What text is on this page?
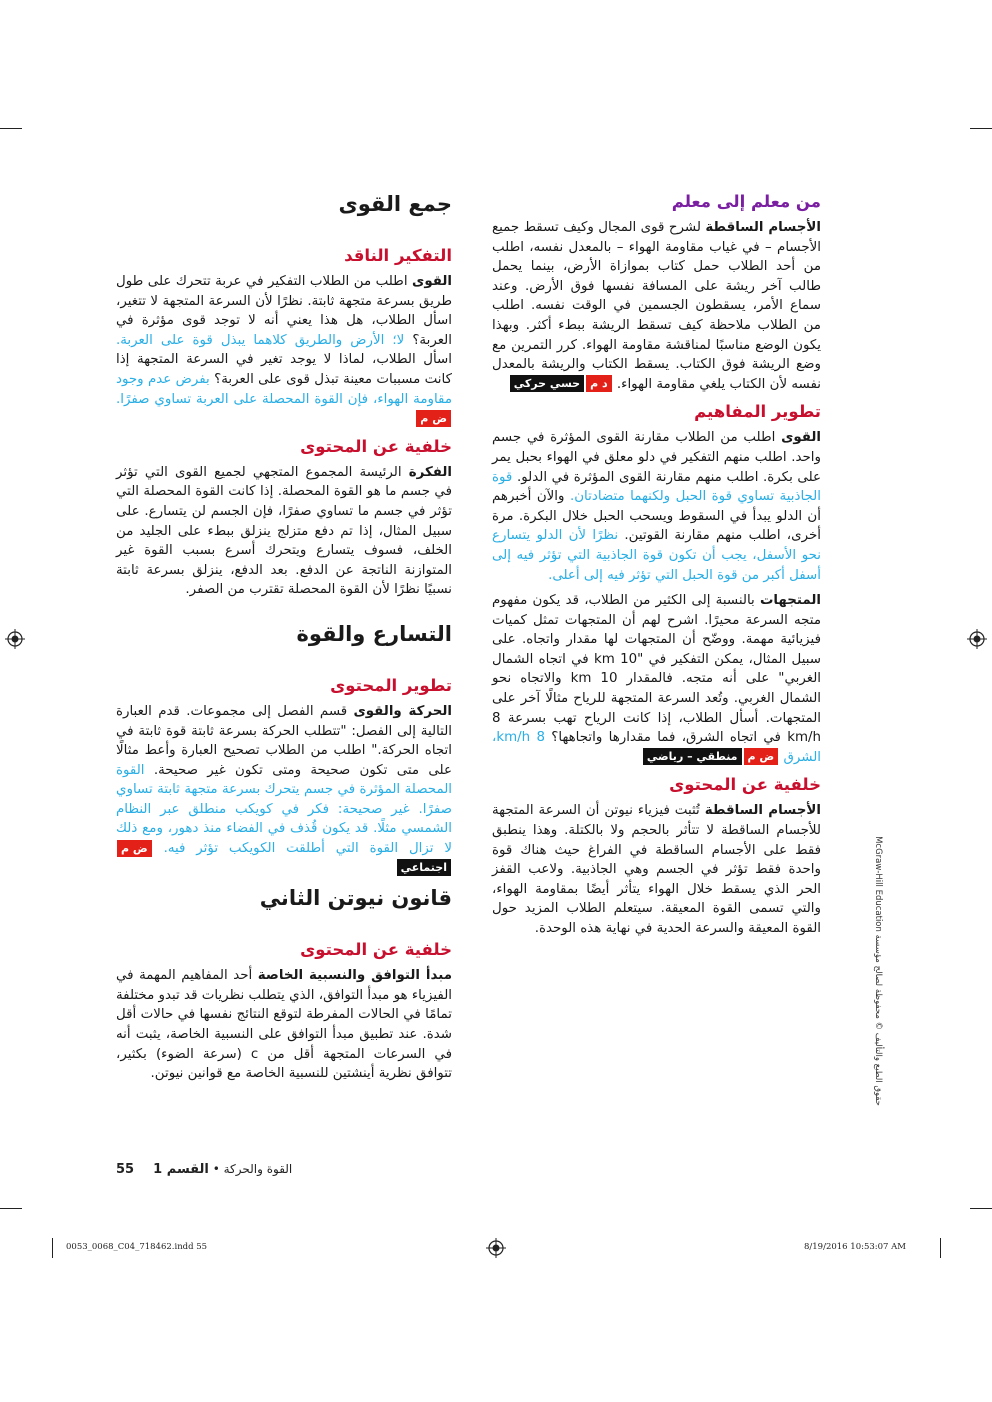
من معلم إلى معلم

الأجسام الساقطة لشرح قوى المجال وكيف تسقط جميع الأجسام – في غياب مقاومة الهواء – بالمعدل نفسه، اطلب من أحد الطلاب حمل كتاب بموازاة الأرض، بينما يحمل طالب آخر ريشة على المسافة نفسها فوق الأرض. وعند سماع الأمر، يسقطون الجسمين في الوقت نفسه. اطلب من الطلاب ملاحظة كيف تسقط الريشة ببطء أكثر. وبهذا يكون الوضع مناسبًا لمناقشة مقاومة الهواء. كرر التمرين مع وضع الريشة فوق الكتاب. يسقط الكتاب والريشة بالمعدل نفسه لأن الكتاب يلغي مقاومة الهواء. د محسي حركي

تطوير المفاهيم

القوى اطلب من الطلاب مقارنة القوى المؤثرة في جسم واحد. اطلب منهم التفكير في دلو معلق في الهواء بحبل يمر على بكرة. اطلب منهم مقارنة القوى المؤثرة في الدلو. قوة الجاذبية تساوي قوة الحبل ولكنهما متضادتان. والآن أخبرهم أن الدلو يبدأ في السقوط ويسحب الحبل خلال البكرة. مرة أخرى، اطلب منهم مقارنة القوتين. نظرًا لأن الدلو يتسارع نحو الأسفل، يجب أن تكون قوة الجاذبية التي تؤثر فيه إلى أسفل أكبر من قوة الحبل التي تؤثر فيه إلى أعلى.

المتجهات بالنسبة إلى الكثير من الطلاب، قد يكون مفهوم متجه السرعة محيرًا. اشرح لهم أن المتجهات تمثل كميات فيزيائية مهمة. ووضّح أن المتجهات لها مقدار واتجاه. على سبيل المثال، يمكن التفكير في "10 km في اتجاه الشمال الغربي" على أنه متجه. فالمقدار 10 km والاتجاه نحو الشمال الغربي. وتُعد السرعة المتجهة للرياح مثالًا آخر على المتجهات. أسأل الطلاب، إذا كانت الرياح تهب بسرعة 8 km/h في اتجاه الشرق، فما مقدارها واتجاهها؟ 8 km/h، الشرق ض ممنطقي – رياضي

خلفية عن المحتوى

الأجسام الساقطة تُثبت فيزياء نيوتن أن السرعة المتجهة للأجسام الساقطة لا تتأثر بالحجم ولا بالكتلة. وهذا ينطبق فقط على الأجسام الساقطة في الفراغ حيث هناك قوة واحدة فقط تؤثر في الجسم وهي الجاذبية. ولاعب القفز الحر الذي يسقط خلال الهواء يتأثر أيضًا بمقاومة الهواء، والتي تسمى القوة المعيقة. سيتعلم الطلاب المزيد حول القوة المعيقة والسرعة الحدية في نهاية هذه الوحدة.

جمع القوى
التفكير الناقد

القوى اطلب من الطلاب التفكير في عربة تتحرك على طول طريق بسرعة متجهة ثابتة. نظرًا لأن السرعة المتجهة لا تتغير، اسأل الطلاب، هل هذا يعني أنه لا توجد قوى مؤثرة في العربة؟ لا؛ الأرض والطريق كلاهما يبذل قوة على العربة. اسأل الطلاب، لماذا لا يوجد تغير في السرعة المتجهة إذا كانت مسببات معينة تبذل قوى على العربة؟ بفرض عدم وجود مقاومة الهواء، فإن القوة المحصلة على العربة تساوي صفرًا. ض م

خلفية عن المحتوى

الفكرة الرئيسة المجموع المتجهي لجميع القوى التي تؤثر في جسم ما هو القوة المحصلة. إذا كانت القوة المحصلة التي تؤثر في جسم ما تساوي صفرًا، فإن الجسم لن يتسارع. على سبيل المثال، إذا تم دفع متزلج ينزلق ببطء على الجليد من الخلف، فسوف يتسارع ويتحرك أسرع بسبب القوة غير المتوازنة الناتجة عن الدفع. بعد الدفع، ينزلق بسرعة ثابتة نسبيًا نظرًا لأن القوة المحصلة تقترب من الصفر.

التسارع والقوة
تطوير المحتوى

الحركة والقوى قسم الفصل إلى مجموعات. قدم العبارة التالية إلى الفصل: "تتطلب الحركة بسرعة ثابتة قوة ثابتة في اتجاه الحركة." اطلب من الطلاب تصحيح العبارة وأعط مثالًا على متى تكون صحيحة ومتى تكون غير صحيحة. القوة المحصلة المؤثرة في جسم يتحرك بسرعة متجهة ثابتة تساوي صفرًا. غير صحيحة: فكر في كويكب منطلق عبر النظام الشمسي مثلًا. قد يكون قُذف في الفضاء منذ دهور، ومع ذلك لا تزال القوة التي أطلقت الكويكب تؤثر فيه. ض ماجتماعي

قانون نيوتن الثاني
خلفية عن المحتوى

مبدأ التوافق والنسبية الخاصة أحد المفاهيم المهمة في الفيزياء هو مبدأ التوافق، الذي يتطلب نظريات قد تبدو مختلفة تمامًا في الحالات المفرطة لتوقع النتائج نفسها في حالات أقل شدة. عند تطبيق مبدأ التوافق على النسبية الخاصة، يثبت أنه في السرعات المتجهة أقل من c (سرعة الضوء) بكثير، تتوافق نظرية أينشتين للنسبية الخاصة مع قوانين نيوتن.

حقوق الطبع والتأليف © محفوظة لصالح مؤسسة McGraw-Hill Education
55	القوة والحركة • القسم 1
0053_0068_C04_718462.indd 55	8/19/2016 10:53:07 AM
